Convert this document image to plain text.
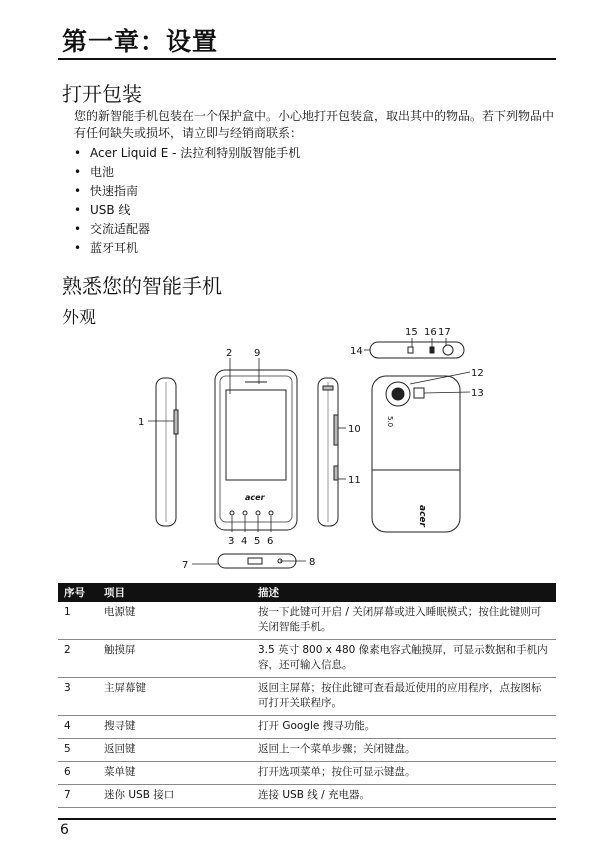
第一章：设置
打开包装
您的新智能手机包装在一个保护盒中。小心地打开包装盒，取出其中的物品。若下列物品中有任何缺失或损坏，请立即与经销商联系：
• Acer Liquid E - 法拉利特别版智能手机
• 电池
• 快速指南
• USB 线
• 交流适配器
• 蓝牙耳机
熟悉您的智能手机
外观
1
2 9
3 4 5 6
10
11
7	8
14
15 16 17
12
13
acer
acer
5.0
序号	项目	描述
1	电源键	按一下此键可开启 / 关闭屏幕或进入睡眠模式；按住此键则可关闭智能手机。
2	触摸屏	3.5 英寸 800 x 480 像素电容式触摸屏，可显示数据和手机内容，还可输入信息。
3	主屏幕键	返回主屏幕；按住此键可查看最近使用的应用程序，点按图标可打开关联程序。
4	搜寻键	打开 Google 搜寻功能。
5	返回键	返回上一个菜单步骤；关闭键盘。
6	菜单键	打开选项菜单；按住可显示键盘。
7	迷你 USB 接口	连接 USB 线 / 充电器。
6
